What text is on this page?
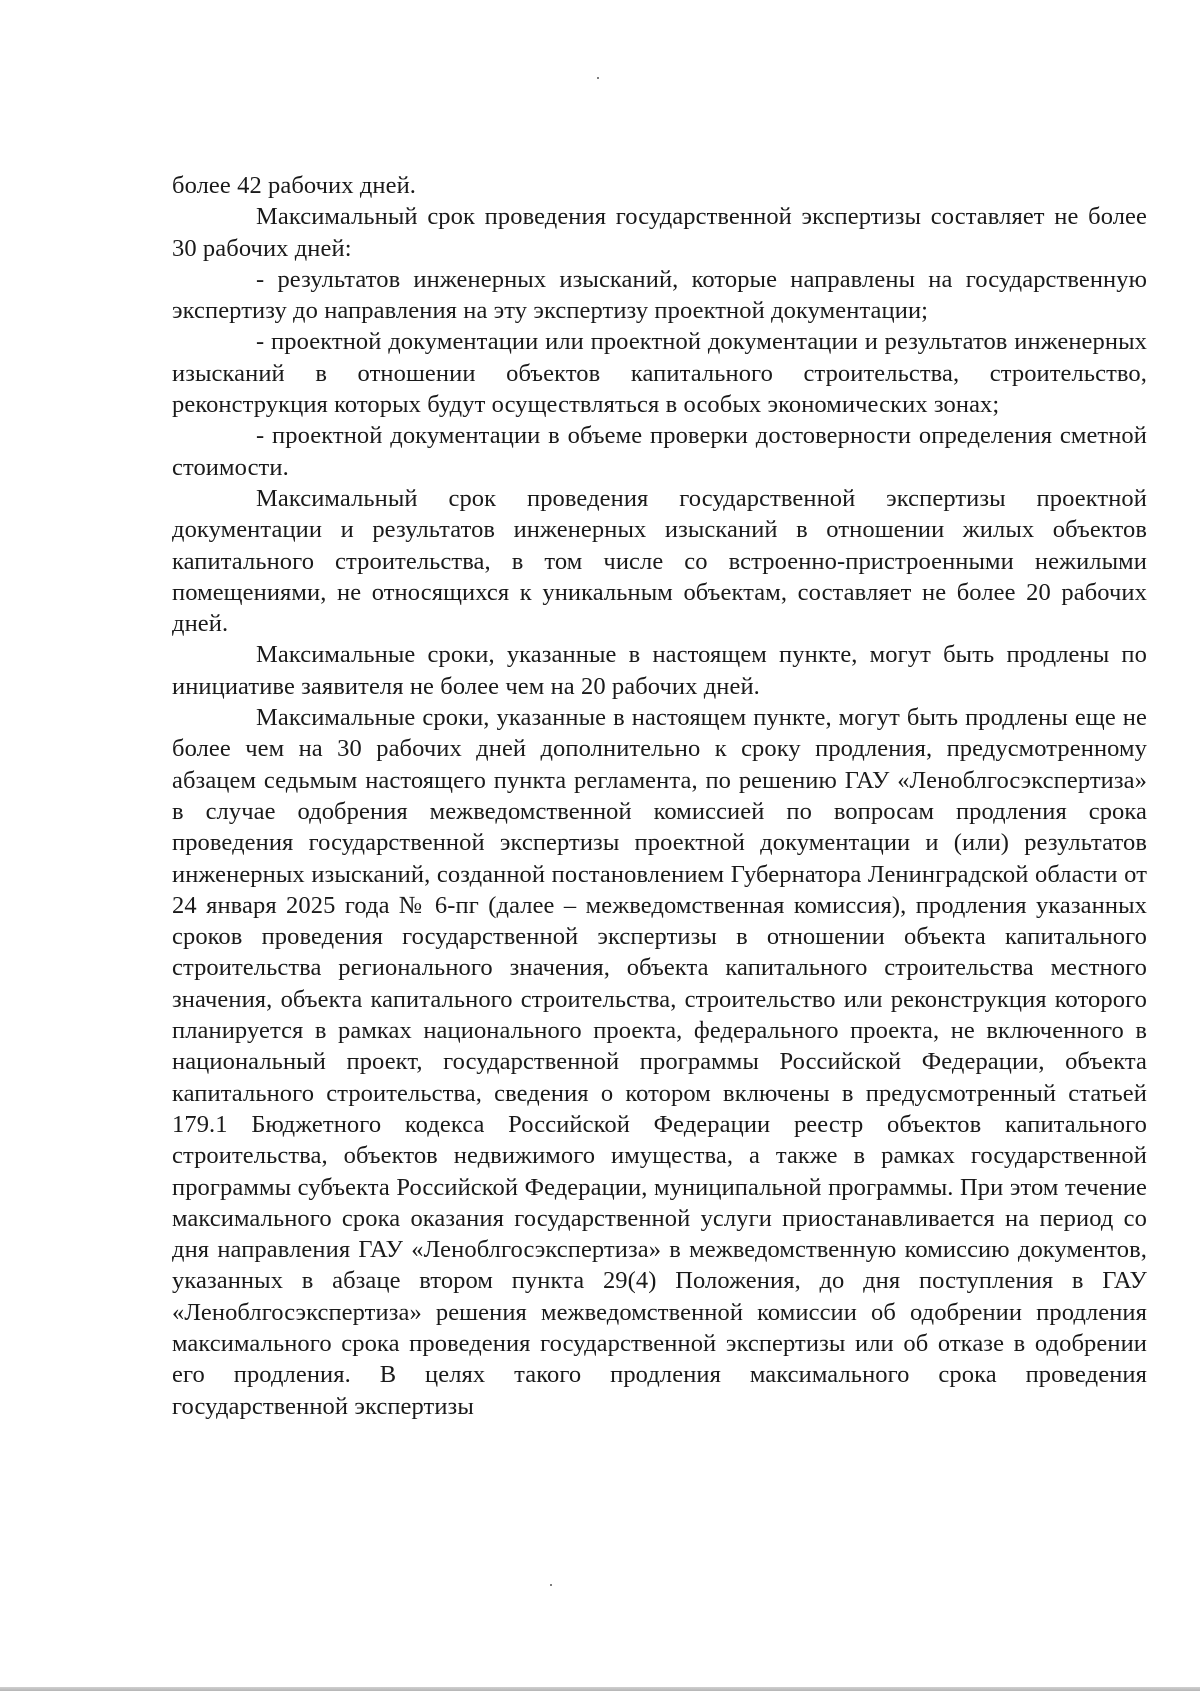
более 42 рабочих дней.

Максимальный срок проведения государственной экспертизы составляет не более 30 рабочих дней:

- результатов инженерных изысканий, которые направлены на государственную экспертизу до направления на эту экспертизу проектной документации;

- проектной документации или проектной документации и результатов инженерных изысканий в отношении объектов капитального строительства, строительство, реконструкция которых будут осуществляться в особых экономических зонах;

- проектной документации в объеме проверки достоверности определения сметной стоимости.

Максимальный срок проведения государственной экспертизы проектной документации и результатов инженерных изысканий в отношении жилых объектов капитального строительства, в том числе со встроенно-пристроенными нежилыми помещениями, не относящихся к уникальным объектам, составляет не более 20 рабочих дней.

Максимальные сроки, указанные в настоящем пункте, могут быть продлены по инициативе заявителя не более чем на 20 рабочих дней.

Максимальные сроки, указанные в настоящем пункте, могут быть продлены еще не более чем на 30 рабочих дней дополнительно к сроку продления, предусмотренному абзацем седьмым настоящего пункта регламента, по решению ГАУ «Леноблгосэкспертиза» в случае одобрения межведомственной комиссией по вопросам продления срока проведения государственной экспертизы проектной документации и (или) результатов инженерных изысканий, созданной постановлением Губернатора Ленинградской области от 24 января 2025 года № 6-пг (далее – межведомственная комиссия), продления указанных сроков проведения государственной экспертизы в отношении объекта капитального строительства регионального значения, объекта капитального строительства местного значения, объекта капитального строительства, строительство или реконструкция которого планируется в рамках национального проекта, федерального проекта, не включенного в национальный проект, государственной программы Российской Федерации, объекта капитального строительства, сведения о котором включены в предусмотренный статьей 179.1 Бюджетного кодекса Российской Федерации реестр объектов капитального строительства, объектов недвижимого имущества, а также в рамках государственной программы субъекта Российской Федерации, муниципальной программы. При этом течение максимального срока оказания государственной услуги приостанавливается на период со дня направления ГАУ «Леноблгосэкспертиза» в межведомственную комиссию документов, указанных в абзаце втором пункта 29(4) Положения, до дня поступления в ГАУ «Леноблгосэкспертиза» решения межведомственной комиссии об одобрении продления максимального срока проведения государственной экспертизы или об отказе в одобрении его продления. В целях такого продления максимального срока проведения государственной экспертизы
